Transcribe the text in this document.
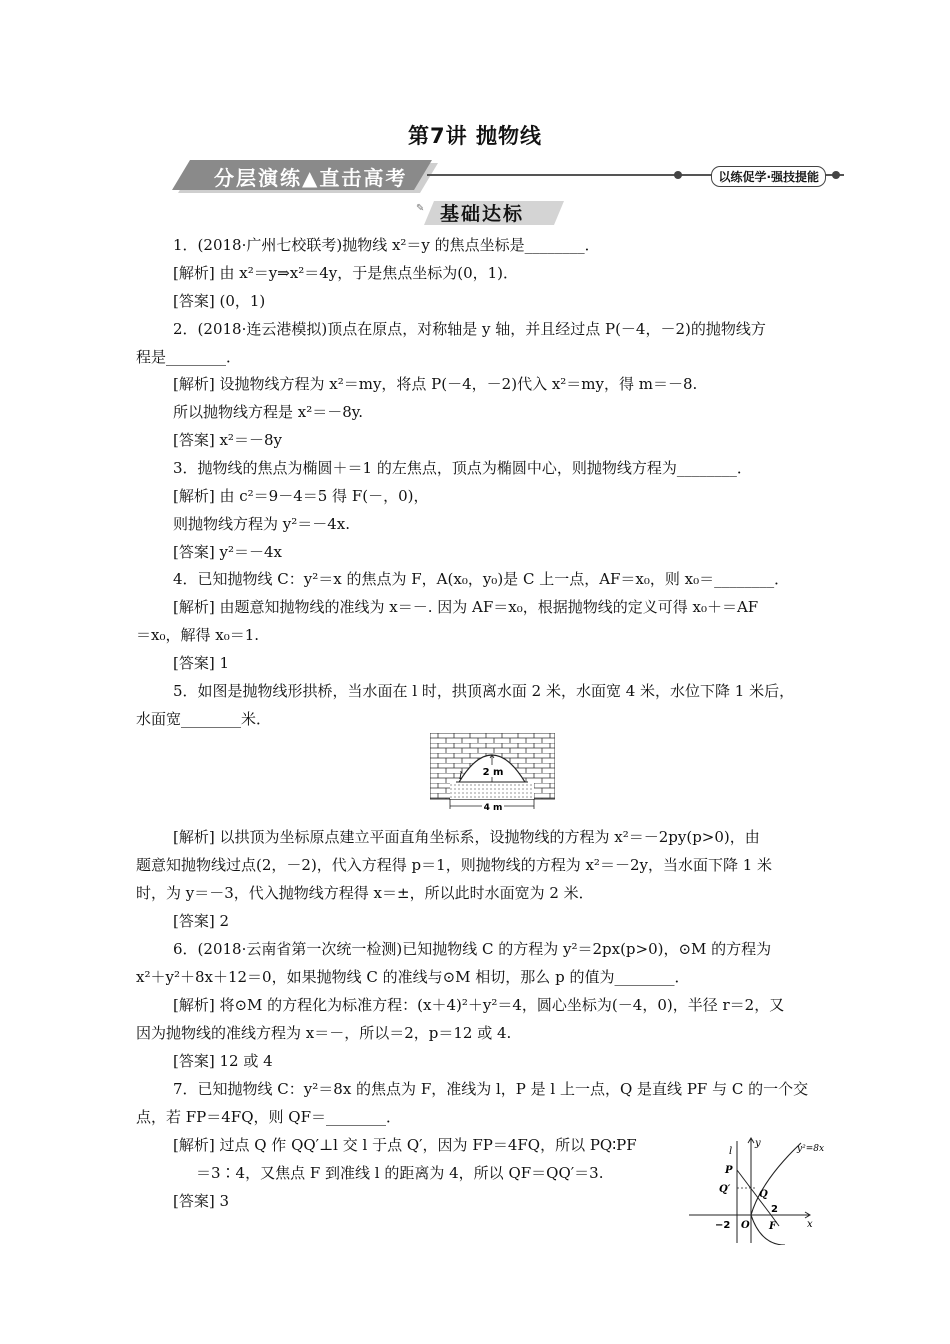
第7讲 抛物线
分层演练▲直击高考	以练促学·强技提能
✎ 基础达标
1．(2018·广州七校联考)抛物线 x²＝y 的焦点坐标是________．
[解析] 由 x²＝y⇒x²＝4y，于是焦点坐标为(0，1)．
[答案] (0，1)
2．(2018·连云港模拟)顶点在原点，对称轴是 y 轴，并且经过点 P(－4，－2)的抛物线方
程是________．
[解析] 设抛物线方程为 x²＝my，将点 P(－4，－2)代入 x²＝my，得 m＝－8.
所以抛物线方程是 x²＝－8y.
[答案] x²＝－8y
3．抛物线的焦点为椭圆＋＝1 的左焦点，顶点为椭圆中心，则抛物线方程为________．
[解析] 由 c²＝9－4＝5 得 F(－，0)，
则抛物线方程为 y²＝－4x.
[答案] y²＝－4x
4．已知抛物线 C：y²＝x 的焦点为 F，A(x₀，y₀)是 C 上一点，AF＝x₀，则 x₀＝________．
[解析] 由题意知抛物线的准线为 x＝－. 因为 AF＝x₀，根据抛物线的定义可得 x₀＋＝AF
＝x₀，解得 x₀＝1.
[答案] 1
5．如图是抛物线形拱桥，当水面在 l 时，拱顶离水面 2 米，水面宽 4 米，水位下降 1 米后，
水面宽________米．
2 m
l
4 m
[解析] 以拱顶为坐标原点建立平面直角坐标系，设抛物线的方程为 x²＝－2py(p>0)，由
题意知抛物线过点(2，－2)，代入方程得 p＝1，则抛物线的方程为 x²＝－2y，当水面下降 1 米
时，为 y＝－3，代入抛物线方程得 x＝±，所以此时水面宽为 2 米．
[答案] 2
6．(2018·云南省第一次统一检测)已知抛物线 C 的方程为 y²＝2px(p>0)，⊙M 的方程为
x²＋y²＋8x＋12＝0，如果抛物线 C 的准线与⊙M 相切，那么 p 的值为________．
[解析] 将⊙M 的方程化为标准方程：(x＋4)²＋y²＝4，圆心坐标为(－4，0)，半径 r＝2，又
因为抛物线的准线方程为 x＝－，所以＝2，p＝12 或 4.
[答案] 12 或 4
7．已知抛物线 C：y²＝8x 的焦点为 F，准线为 l，P 是 l 上一点，Q 是直线 PF 与 C 的一个交
点，若 FP＝4FQ，则 QF＝________．
[解析] 过点 Q 作 QQ′⊥l 交 l 于点 Q′，因为 FP＝4FQ，所以 PQ∶PF
＝3∶4，又焦点 F 到准线 l 的距离为 4，所以 QF＝QQ′＝3.
[答案] 3
l
y	y²=8x
P
Q′	Q
2
−2 O F	x
